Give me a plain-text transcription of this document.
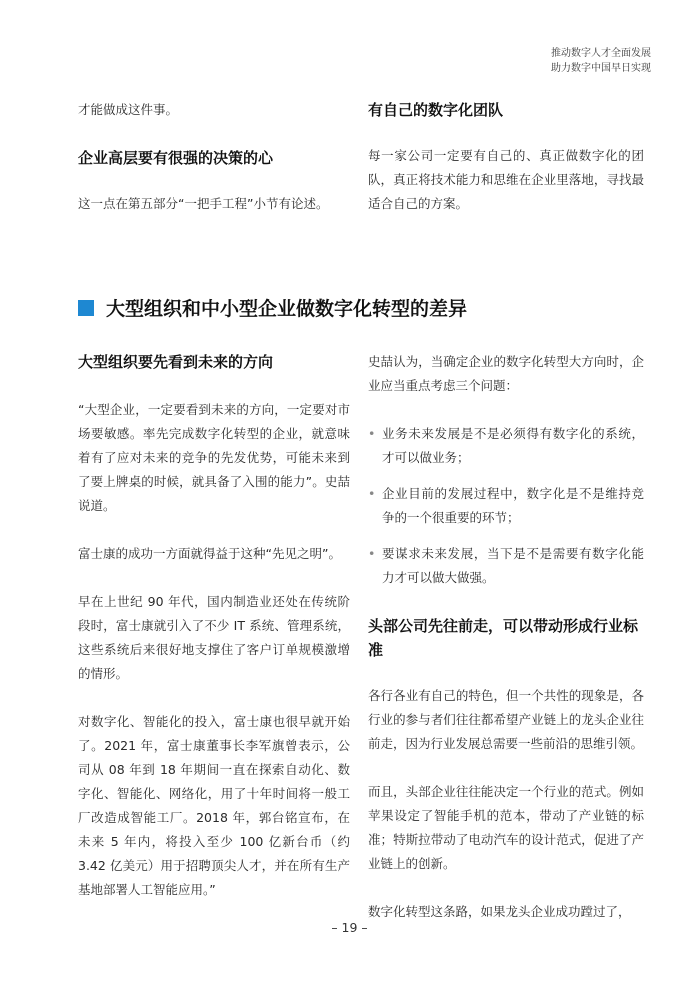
推动数字人才全面发展
助力数字中国早日实现

才能做成这件事。

企业高层要有很强的决策的心

这一点在第五部分“一把手工程”小节有论述。

有自己的数字化团队

每一家公司一定要有自己的、真正做数字化的团队，真正将技术能力和思维在企业里落地，寻找最适合自己的方案。

大型组织和中小型企业做数字化转型的差异

大型组织要先看到未来的方向

“大型企业，一定要看到未来的方向，一定要对市场要敏感。率先完成数字化转型的企业，就意味着有了应对未来的竞争的先发优势，可能未来到了要上牌桌的时候，就具备了入围的能力”。史喆说道。

富士康的成功一方面就得益于这种“先见之明”。

早在上世纪 90 年代，国内制造业还处在传统阶段时，富士康就引入了不少 IT 系统、管理系统，这些系统后来很好地支撑住了客户订单规模激增的情形。

对数字化、智能化的投入，富士康也很早就开始了。2021 年，富士康董事长李军旗曾表示，公司从 08 年到 18 年期间一直在探索自动化、数字化、智能化、网络化，用了十年时间将一般工厂改造成智能工厂。2018 年，郭台铭宣布，在未来 5 年内，将投入至少 100 亿新台币（约 3.42 亿美元）用于招聘顶尖人才，并在所有生产基地部署人工智能应用。”

史喆认为，当确定企业的数字化转型大方向时，企业应当重点考虑三个问题：

• 业务未来发展是不是必须得有数字化的系统，才可以做业务；
• 企业目前的发展过程中，数字化是不是维持竞争的一个很重要的环节；
• 要谋求未来发展，当下是不是需要有数字化能力才可以做大做强。

头部公司先往前走，可以带动形成行业标准

各行各业有自己的特色，但一个共性的现象是，各行业的参与者们往往都希望产业链上的龙头企业往前走，因为行业发展总需要一些前沿的思维引领。

而且，头部企业往往能决定一个行业的范式。例如苹果设定了智能手机的范本，带动了产业链的标准；特斯拉带动了电动汽车的设计范式，促进了产业链上的创新。

数字化转型这条路，如果龙头企业成功蹚过了，

– 19 –
